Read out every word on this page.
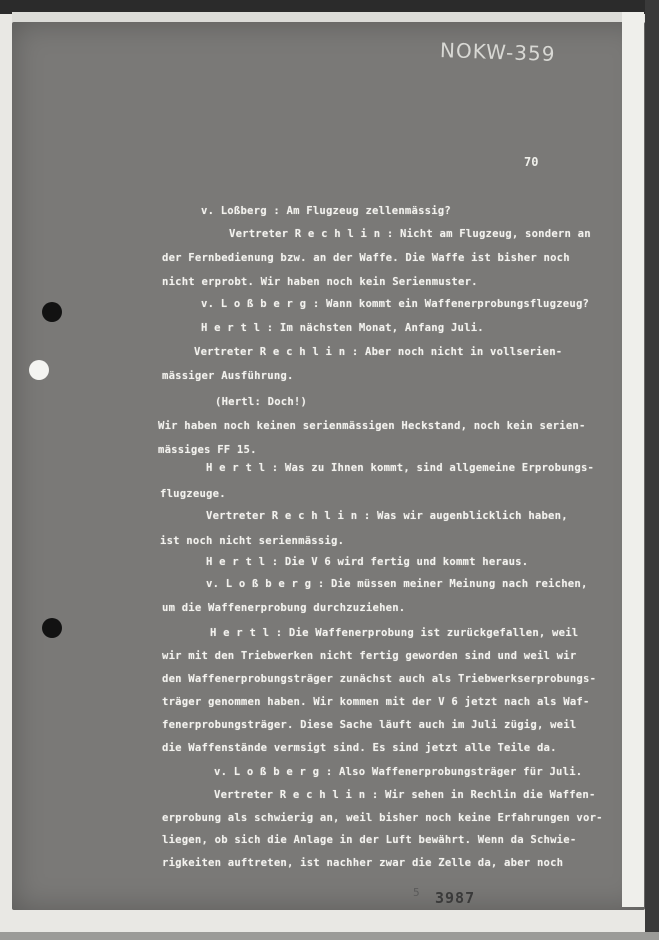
NOKW-359
70
v. Loßberg : Am Flugzeug zellenmässig?
Vertreter R e c h l i n : Nicht am Flugzeug, sondern an
der Fernbedienung bzw. an der Waffe. Die Waffe ist bisher noch
nicht erprobt. Wir haben noch kein Serienmuster.
v. L o ß b e r g : Wann kommt ein Waffenerprobungsflugzeug?
H e r t l : Im nächsten Monat, Anfang Juli.
Vertreter R e c h l i n : Aber noch nicht in vollserien-
mässiger Ausführung.
(Hertl: Doch!)
Wir haben noch keinen serienmässigen Heckstand, noch kein serien-
mässiges FF 15.
H e r t l : Was zu Ihnen kommt, sind allgemeine Erprobungs-
flugzeuge.
Vertreter R e c h l i n : Was wir augenblicklich haben,
ist noch nicht serienmässig.
H e r t l : Die V 6 wird fertig und kommt heraus.
v. L o ß b e r g : Die müssen meiner Meinung nach reichen,
um die Waffenerprobung durchzuziehen.
H e r t l : Die Waffenerprobung ist zurückgefallen, weil
wir mit den Triebwerken nicht fertig geworden sind und weil wir
den Waffenerprobungsträger zunächst auch als Triebwerkserprobungs-
träger genommen haben. Wir kommen mit der V 6 jetzt nach als Waf-
fenerprobungsträger. Diese Sache läuft auch im Juli zügig, weil
die Waffenstände vermsigt sind. Es sind jetzt alle Teile da.
v. L o ß b e r g : Also Waffenerprobungsträger für Juli.
Vertreter R e c h l i n : Wir sehen in Rechlin die Waffen-
erprobung als schwierig an, weil bisher noch keine Erfahrungen vor-
liegen, ob sich die Anlage in der Luft bewährt. Wenn da Schwie-
rigkeiten auftreten, ist nachher zwar die Zelle da, aber noch
5 3987
